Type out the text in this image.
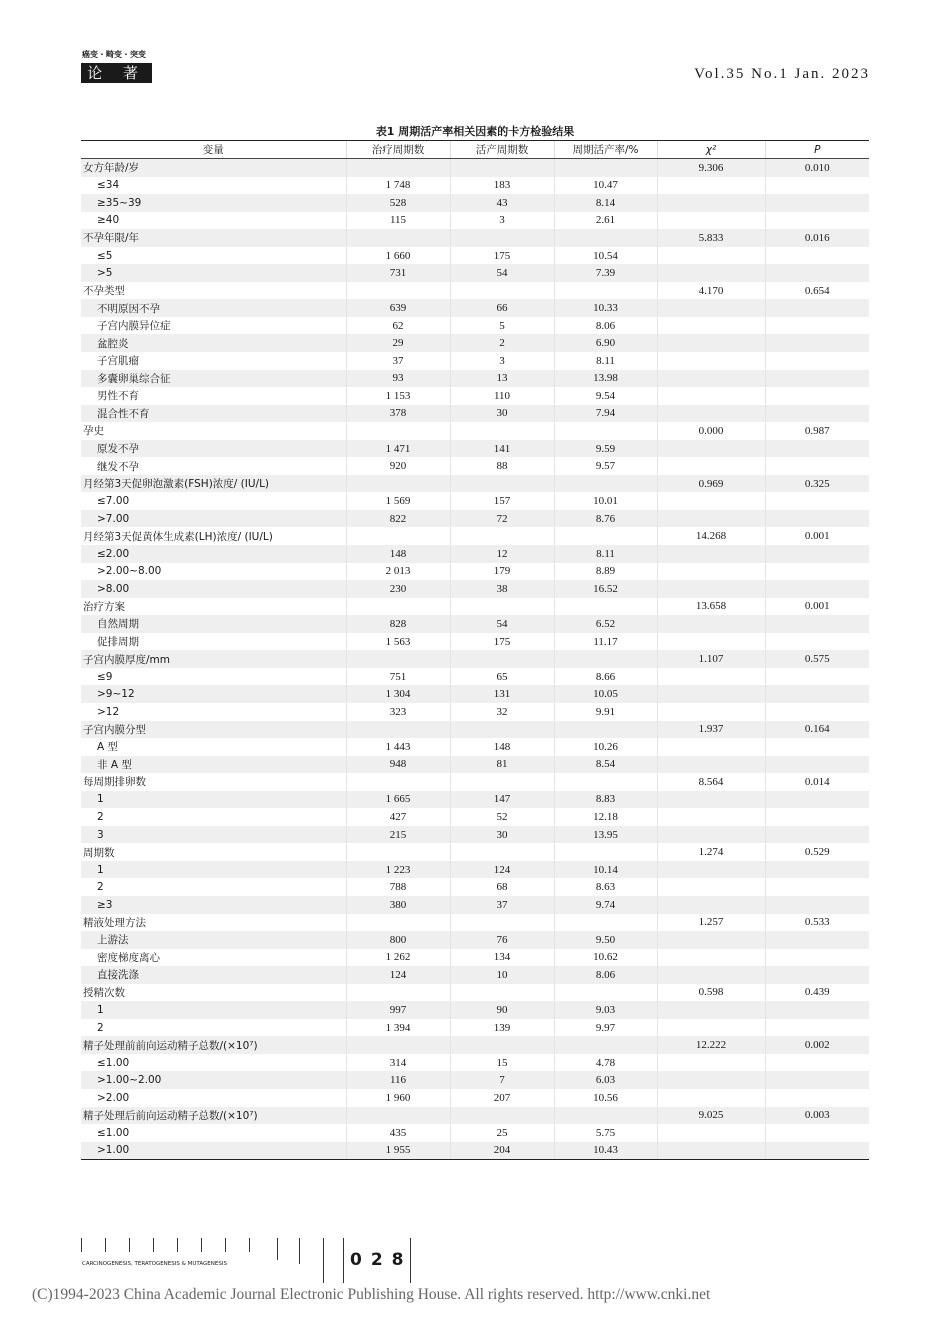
癌变・畸变・突变
论 著	Vol.35 No.1 Jan. 2023
表1 周期活产率相关因素的卡方检验结果
变量	治疗周期数	活产周期数	周期活产率/%	χ²	P
女方年龄/岁				9.306	0.010
≤34	1 748	183	10.47		
≥35~39	528	43	8.14		
≥40	115	3	2.61		
不孕年限/年				5.833	0.016
≤5	1 660	175	10.54		
>5	731	54	7.39		
不孕类型				4.170	0.654
不明原因不孕	639	66	10.33		
子宫内膜异位症	62	5	8.06		
盆腔炎	29	2	6.90		
子宫肌瘤	37	3	8.11		
多囊卵巢综合征	93	13	13.98		
男性不育	1 153	110	9.54		
混合性不育	378	30	7.94		
孕史				0.000	0.987
原发不孕	1 471	141	9.59		
继发不孕	920	88	9.57		
月经第3天促卵泡激素(FSH)浓度/ (IU/L)				0.969	0.325
≤7.00	1 569	157	10.01		
>7.00	822	72	8.76		
月经第3天促黄体生成素(LH)浓度/ (IU/L)				14.268	0.001
≤2.00	148	12	8.11		
>2.00~8.00	2 013	179	8.89		
>8.00	230	38	16.52		
治疗方案				13.658	0.001
自然周期	828	54	6.52		
促排周期	1 563	175	11.17		
子宫内膜厚度/mm				1.107	0.575
≤9	751	65	8.66		
>9~12	1 304	131	10.05		
>12	323	32	9.91		
子宫内膜分型				1.937	0.164
A 型	1 443	148	10.26		
非 A 型	948	81	8.54		
每周期排卵数				8.564	0.014
1	1 665	147	8.83		
2	427	52	12.18		
3	215	30	13.95		
周期数				1.274	0.529
1	1 223	124	10.14		
2	788	68	8.63		
≥3	380	37	9.74		
精液处理方法				1.257	0.533
上游法	800	76	9.50		
密度梯度离心	1 262	134	10.62		
直接洗涤	124	10	8.06		
授精次数				0.598	0.439
1	997	90	9.03		
2	1 394	139	9.97		
精子处理前前向运动精子总数/(×10⁷)				12.222	0.002
≤1.00	314	15	4.78		
>1.00~2.00	116	7	6.03		
>2.00	1 960	207	10.56		
精子处理后前向运动精子总数/(×10⁷)				9.025	0.003
≤1.00	435	25	5.75		
>1.00	1 955	204	10.43		
CARCINOGENESIS, TERATOGENESIS & MUTAGENESIS	028
(C)1994-2023 China Academic Journal Electronic Publishing House. All rights reserved. http://www.cnki.net
